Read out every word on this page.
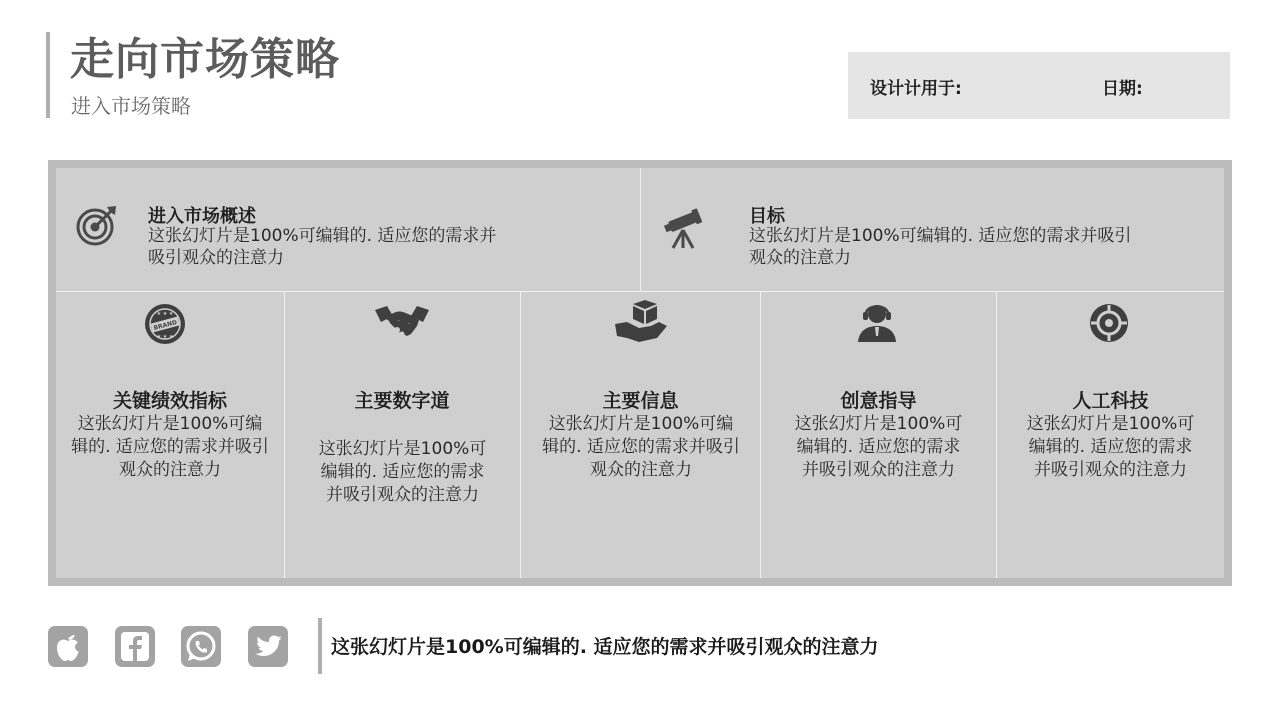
走向市场策略
进入市场策略
设计计用于:	日期:
进入市场概述
这张幻灯片是100%可编辑的. 适应您的需求并吸引观众的注意力
目标
这张幻灯片是100%可编辑的. 适应您的需求并吸引观众的注意力
BRAND
★ ★ ★
★ ★ ★
关键绩效指标
这张幻灯片是100%可编辑的. 适应您的需求并吸引观众的注意力
主要数字道
这张幻灯片是100%可编辑的. 适应您的需求并吸引观众的注意力
主要信息
这张幻灯片是100%可编辑的. 适应您的需求并吸引观众的注意力
创意指导
这张幻灯片是100%可编辑的. 适应您的需求并吸引观众的注意力
人工科技
这张幻灯片是100%可编辑的. 适应您的需求并吸引观众的注意力
这张幻灯片是100%可编辑的. 适应您的需求并吸引观众的注意力
